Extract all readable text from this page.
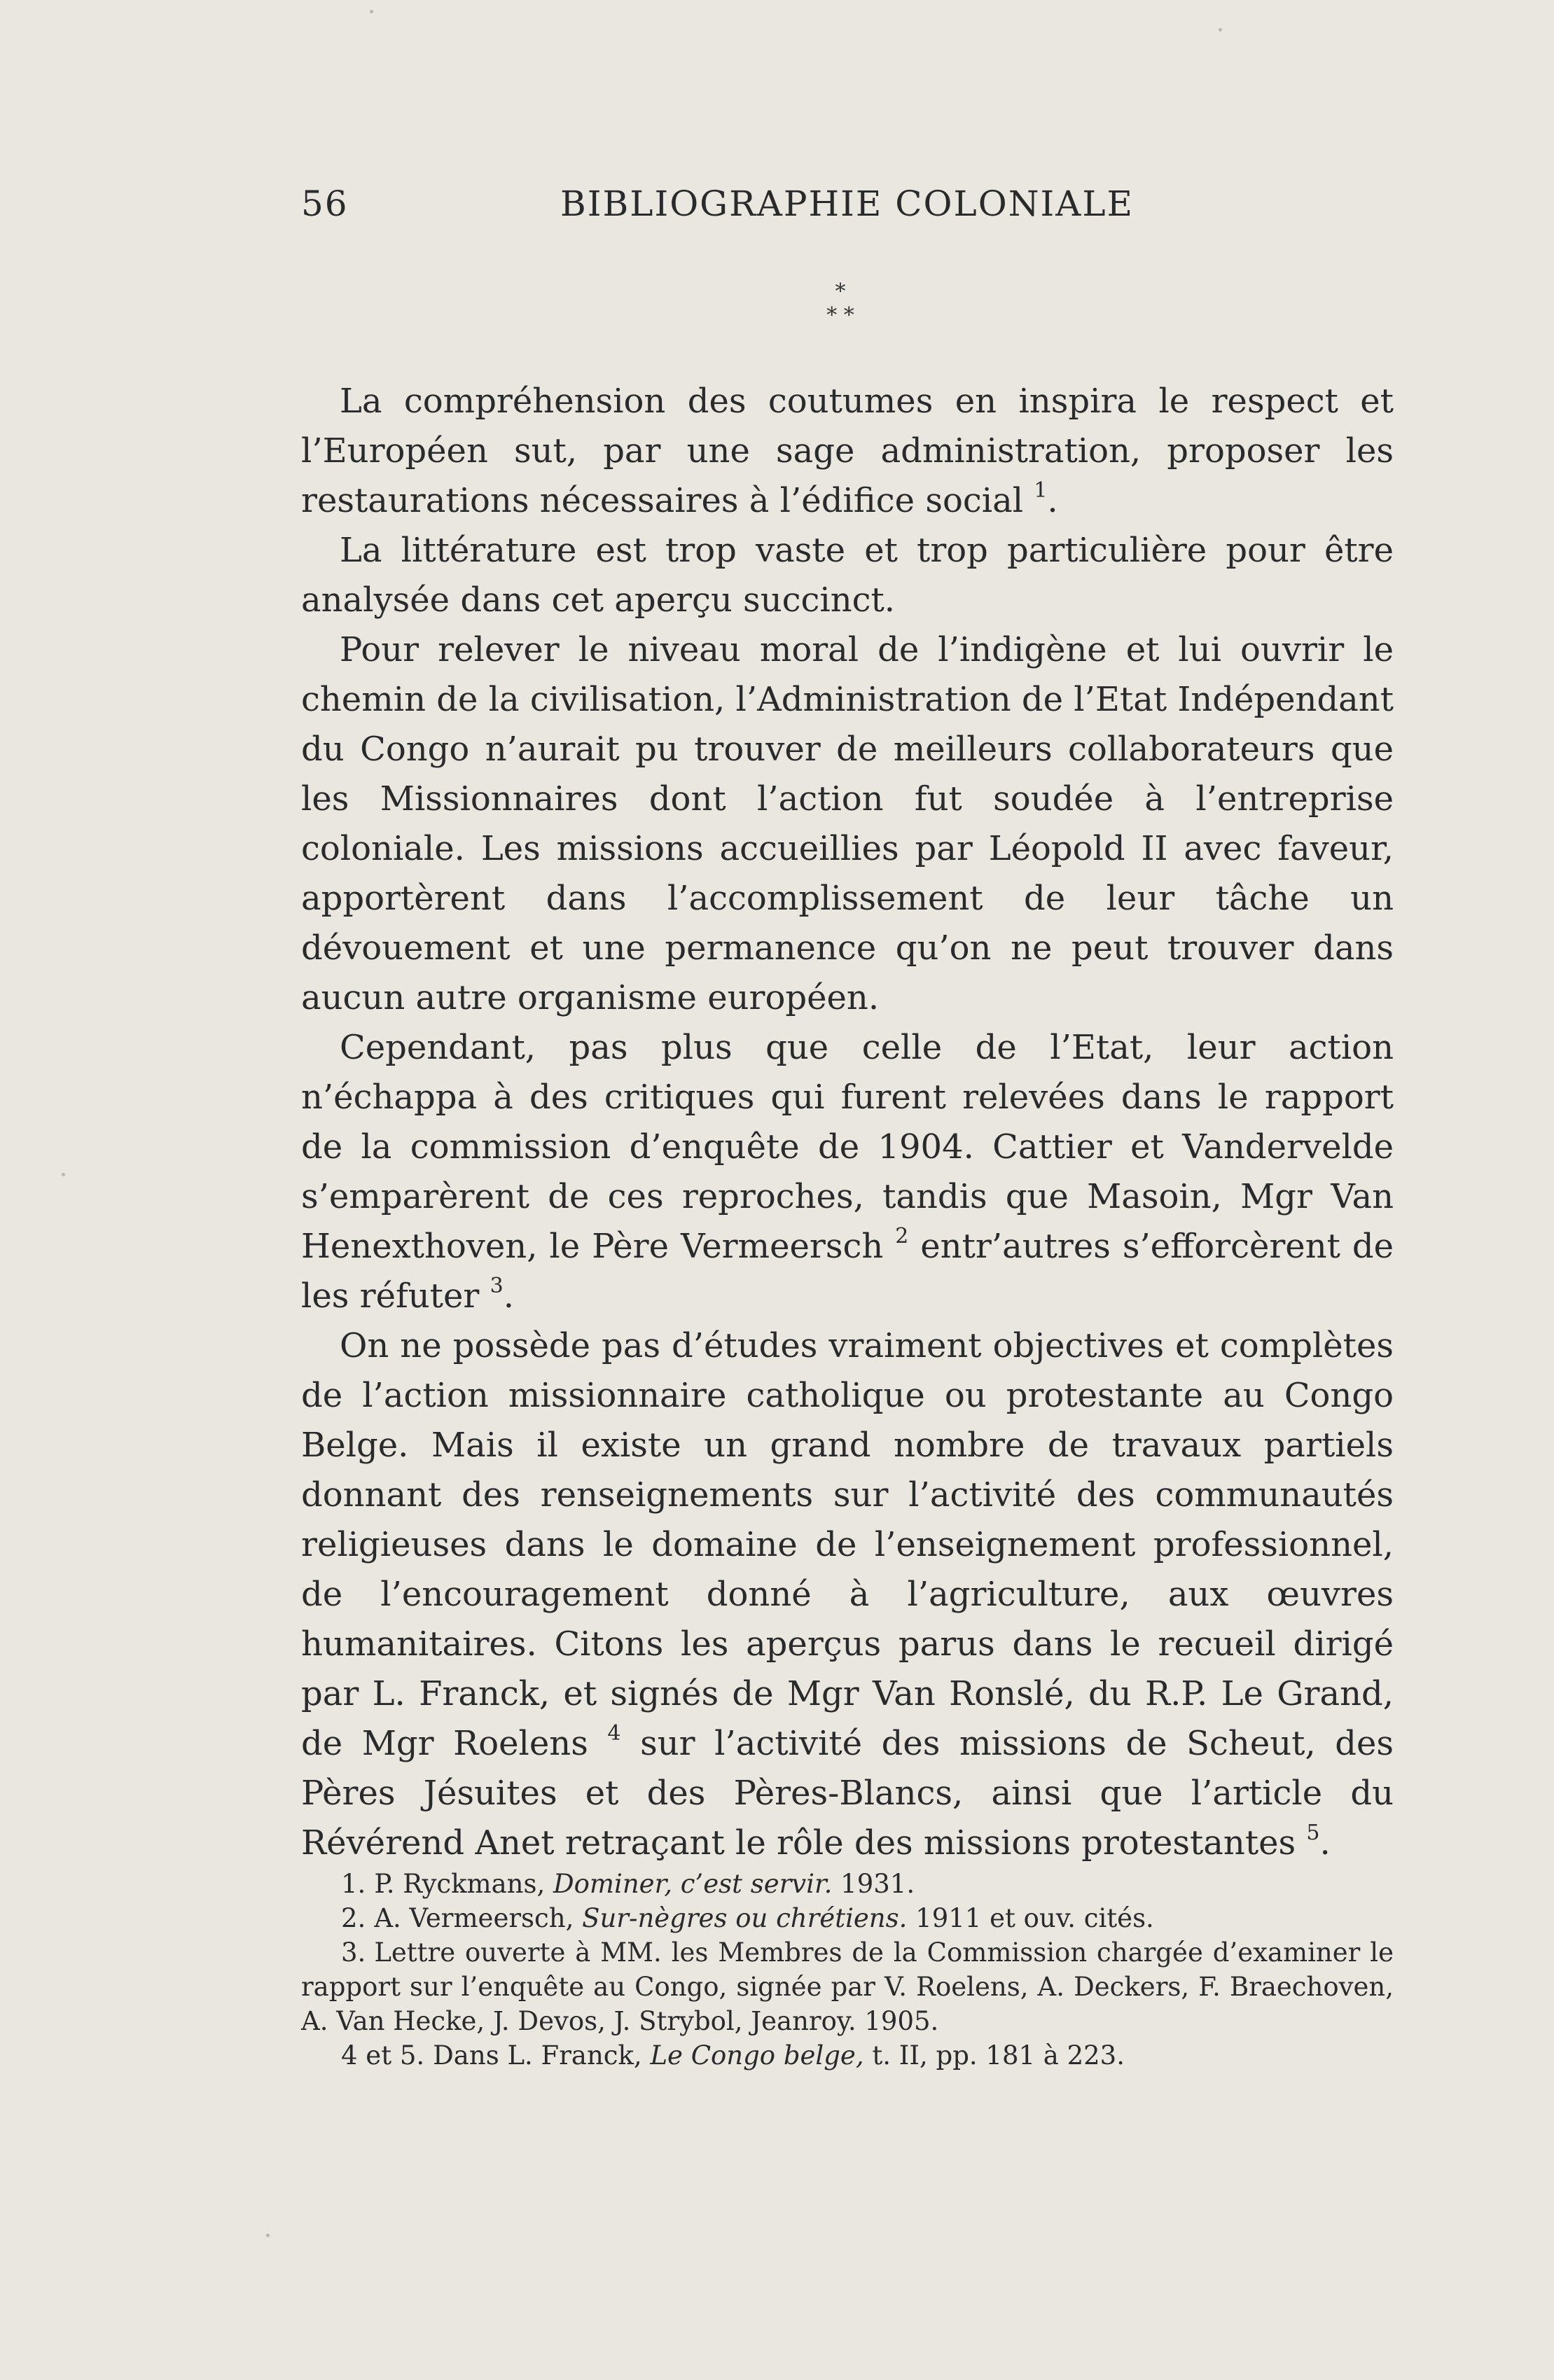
56	BIBLIOGRAPHIE COLONIALE
*
* *

La compréhension des coutumes en inspira le respect et l’Européen sut, par une sage administration, proposer les restaurations nécessaires à l’édifice social $^1$.

La littérature est trop vaste et trop particulière pour être analysée dans cet aperçu succinct.

Pour relever le niveau moral de l’indigène et lui ouvrir le chemin de la civilisation, l’Administration de l’Etat Indépendant du Congo n’aurait pu trouver de meilleurs collaborateurs que les Missionnaires dont l’action fut soudée à l’entreprise coloniale. Les missions accueillies par Léopold II avec faveur, apportèrent dans l’accomplissement de leur tâche un dévouement et une permanence qu’on ne peut trouver dans aucun autre organisme européen.

Cependant, pas plus que celle de l’Etat, leur action n’échappa à des critiques qui furent relevées dans le rapport de la commission d’enquête de 1904. Cattier et Vandervelde s’emparèrent de ces reproches, tandis que Masoin, Mgr Van Henexthoven, le Père Vermeersch $^2$ entr’autres s’efforcèrent de les réfuter $^3$.

On ne possède pas d’études vraiment objectives et complètes de l’action missionnaire catholique ou protestante au Congo Belge. Mais il existe un grand nombre de travaux partiels donnant des renseignements sur l’activité des communautés religieuses dans le domaine de l’enseignement professionnel, de l’encouragement donné à l’agriculture, aux œuvres humanitaires. Citons les aperçus parus dans le recueil dirigé par L. Franck, et signés de Mgr Van Ronslé, du R.P. Le Grand, de Mgr Roelens $^4$ sur l’activité des missions de Scheut, des Pères Jésuites et des Pères-Blancs, ainsi que l’article du Révérend Anet retraçant le rôle des missions protestantes $^5$.

1. P. Ryckmans, Dominer, c’est servir. 1931.

2. A. Vermeersch, Sur-nègres ou chrétiens. 1911 et ouv. cités.

3. Lettre ouverte à MM. les Membres de la Commission chargée d’examiner le rapport sur l’enquête au Congo, signée par V. Roelens, A. Deckers, F. Braechoven, A. Van Hecke, J. Devos, J. Strybol, Jeanroy. 1905.

4 et 5. Dans L. Franck, Le Congo belge, t. II, pp. 181 à 223.
